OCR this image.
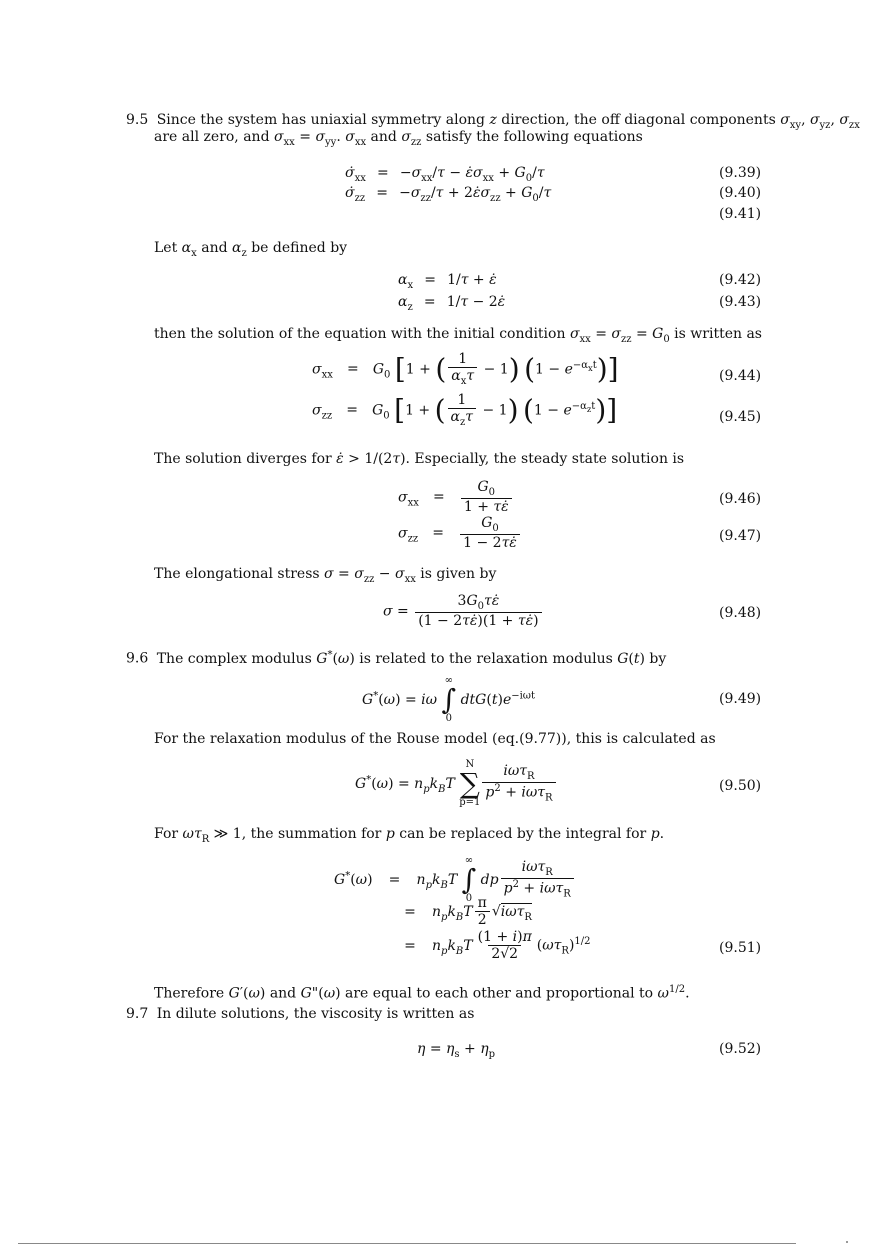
9.5 Since the system has uniaxial symmetry along z direction, the off diagonal components $\sigma_{xy}$, $\sigma_{yz}$, $\sigma_{zx}$
are all zero, and $\sigma_{xx} = \sigma_{yy}$. $\sigma_{xx}$ and $\sigma_{zz}$ satisfy the following equations
$\sigmȧ_{xx} = -\sigma_{xx}/\tau$ − $\varepsiloṅ\sigma_{xx} + G_0/\tau$	(9.39)
$\sigmȧ_{zz} = -\sigma_{zz}/\tau$ + $2\varepsiloṅ\sigma_{zz} + G_0/\tau$	(9.40)
(9.41)
Let $\alpha_x$ and $\alpha_z$ be defined by
$\alpha_x = 1/\tau$ + ε̇	(9.42)
$\alpha_z = 1/\tau$ − 2ε̇	(9.43)
then the solution of the equation with the initial condition $\sigma_{xx} = \sigma_{zz} = G_0$ is written as
$\sigma_{xx} = G_0$ [1 + ( $\frac{1}{\alpha_x\tau} - 1$) $(1 - e^{-\alpha_xt})$]	(9.44)
$\sigma_{zz} = G_0$ [1 + ( $\frac{1}{\alpha_z\tau} - 1$) $(1 - e^{-\alpha_zt})$]	(9.45)
The solution diverges for ε̇ > 1/(2τ). Especially, the steady state solution is
$\sigma_{xx} = \frac{G_0}{1 + \tau\varepsiloṅ}$	(9.46)
$\sigma_{zz} = \frac{G_0}{1 - 2\tau\varepsiloṅ}$	(9.47)
The elongational stress $\sigma = \sigma_{zz} - \sigma_{xx}$ is given by
$\sigma = \frac{3G_0\tau\varepsiloṅ}{(1 - 2\tau\varepsiloṅ)(1 + \tau\varepsiloṅ)}$	(9.48)
9.6 The complex modulus G*(ω) is related to the relaxation modulus G(t) by
G*(ω) = iω
∞
∫
0
$dtG(t)e^{-i\omega t}$	(9.49)
For the relaxation modulus of the Rouse model (eq.(9.77)), this is calculated as
$G^*(\omega) = n_pk_BT$
N
∑
$p=1 \frac{i\omega\tau_R}{p^2 + i\omega\tau_R}$	(9.50)
For $\omega\tau_R$ ≫ 1, the summation for p can be replaced by the integral for p.
$G^*(\omega) = n_pk_BT$
∞
∫
0
dp $\frac{i\omega\tau_R}{p^2 + i\omega\tau_R}$
= $n_pk_BT \frac{\pi}{2} √i\omega\tau_R$
= $n_pk_BT \frac{(1 + i)\pi}{2√2} (\omega\tau_R)^{1/2}$	(9.51)
Therefore G′(ω) and G"(ω) are equal to each other and proportional to $\omega^{1/2}$.
9.7 In dilute solutions, the viscosity is written as
$\eta = \eta_s + \eta_p$	(9.52)
